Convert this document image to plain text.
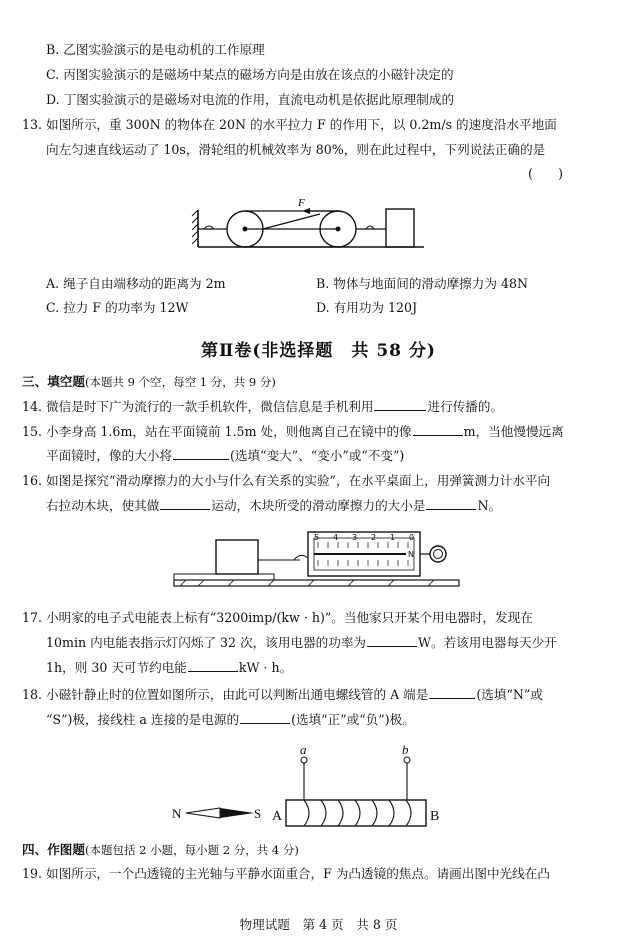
B. 乙图实验演示的是电动机的工作原理
C. 丙图实验演示的是磁场中某点的磁场方向是由放在该点的小磁针决定的
D. 丁图实验演示的是磁场对电流的作用，直流电动机是依据此原理制成的
13. 如图所示，重 300N 的物体在 20N 的水平拉力 F 的作用下，以 0.2m/s 的速度沿水平地面
向左匀速直线运动了 10s，滑轮组的机械效率为 80%，则在此过程中，下列说法正确的是
(　　)
F
A. 绳子自由端移动的距离为 2m	B. 物体与地面间的滑动摩擦力为 48N
C. 拉力 F 的功率为 12W	D. 有用功为 120J
第Ⅱ卷(非选择题　共 58 分)
三、填空题(本题共 9 个空，每空 1 分，共 9 分)
14. 微信是时下广为流行的一款手机软件，微信信息是手机利用	进行传播的。
15. 小李身高 1.6m，站在平面镜前 1.5m 处，则他离自己在镜中的像	m，当他慢慢远离
平面镜时，像的大小将	(选填“变大”、“变小”或“不变”)
16. 如图是探究“滑动摩擦力的大小与什么有关系的实验”，在水平桌面上，用弹簧测力计水平向
右拉动木块，使其做	运动，木块所受的滑动摩擦力的大小是	N。
5 4 3 2 1 0
N
17. 小明家的电子式电能表上标有“3200imp/(kw · h)”。当他家只开某个用电器时，发现在
10min 内电能表指示灯闪烁了 32 次，该用电器的功率为	W。若该用电器每天少开
1h，则 30 天可节约电能	kW · h。
18. 小磁针静止时的位置如图所示，由此可以判断出通电螺线管的 A 端是	(选填“N”或
“S”)极，接线柱 a 连接的是电源的	(选填“正”或“负”)极。
a	b
N	S A	B
四、作图题(本题包括 2 小题，每小题 2 分，共 4 分)
19. 如图所示，一个凸透镜的主光轴与平静水面重合，F 为凸透镜的焦点。请画出图中光线在凸
物理试题　第 4 页　共 8 页
